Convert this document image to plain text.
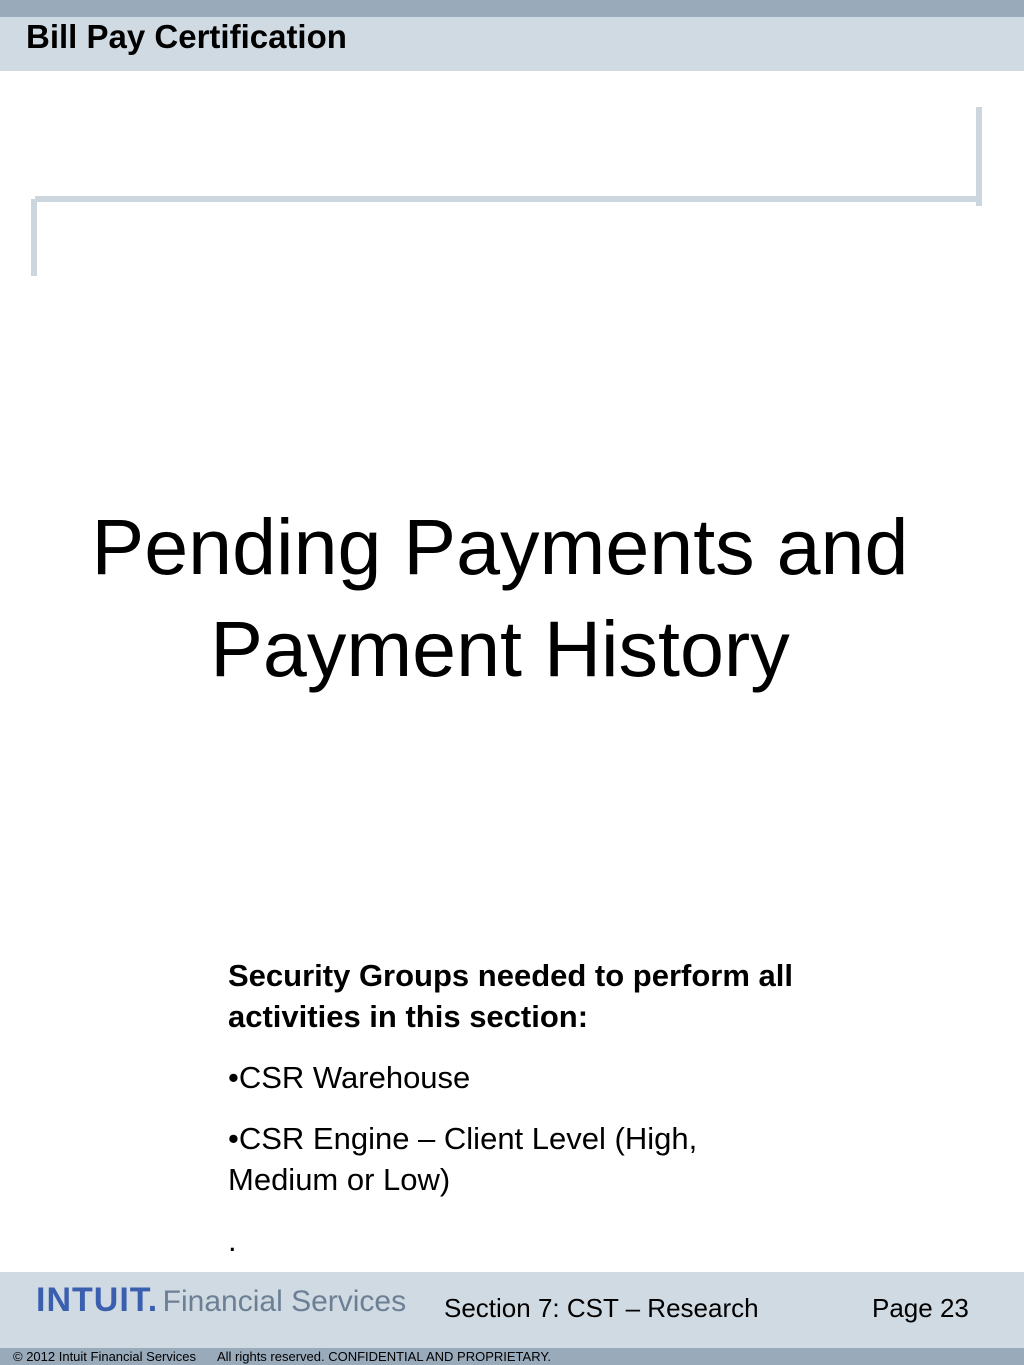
Bill Pay Certification
Pending Payments and Payment History
Security Groups needed to perform all activities in this section:
•CSR Warehouse
•CSR Engine – Client Level (High, Medium or Low)
.
INTUIT. Financial Services Section 7: CST – Research	Page 23
© 2012 Intuit Financial Services      All rights reserved. CONFIDENTIAL AND PROPRIETARY.
